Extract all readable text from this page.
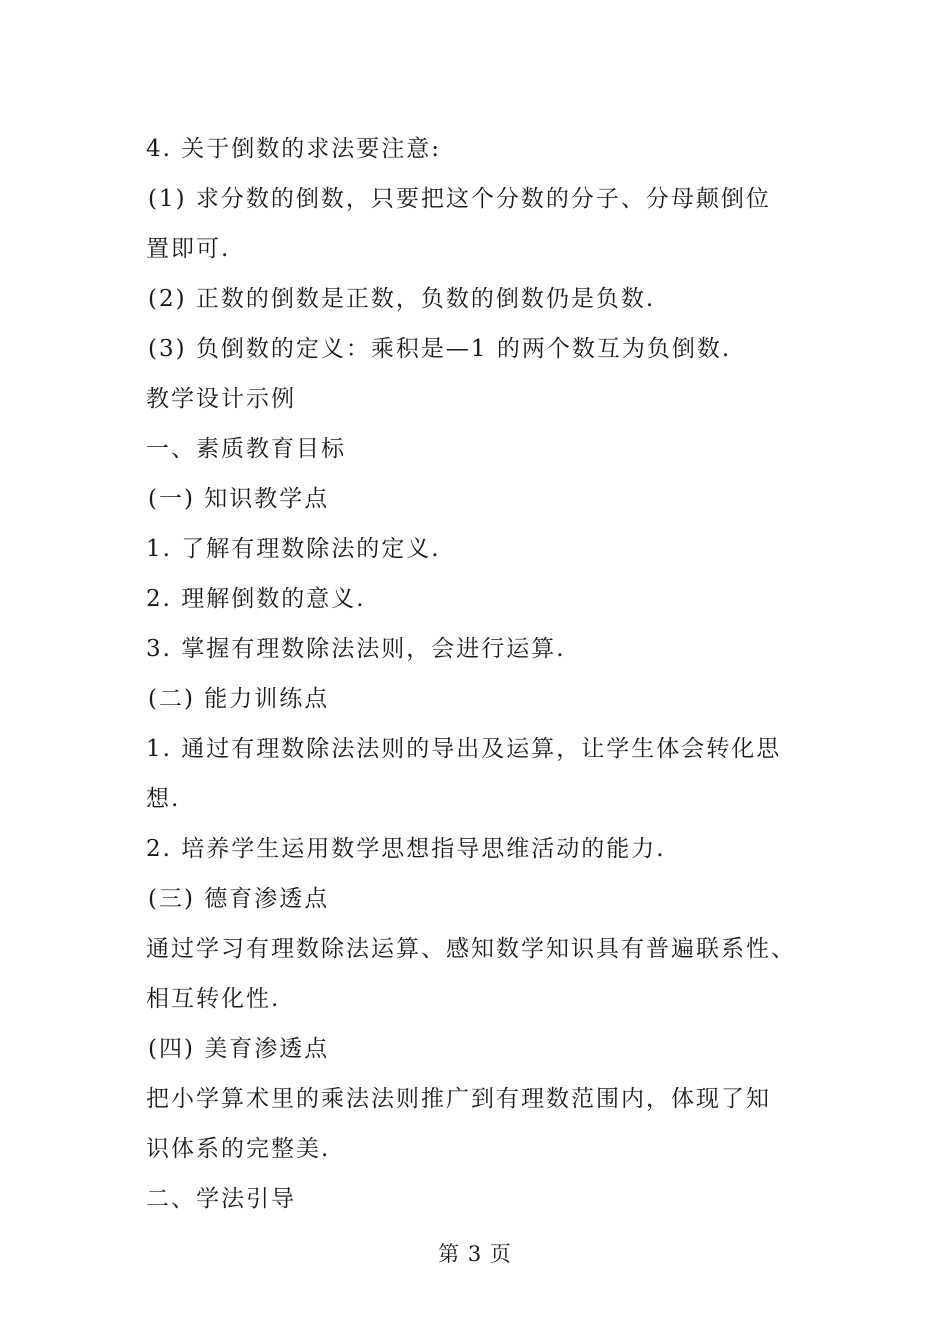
4. 关于倒数的求法要注意:
(1) 求分数的倒数，只要把这个分数的分子、分母颠倒位
置即可.
(2) 正数的倒数是正数，负数的倒数仍是负数.
(3) 负倒数的定义：乘积是—1 的两个数互为负倒数.
教学设计示例
一、素质教育目标
(一) 知识教学点
1. 了解有理数除法的定义.
2. 理解倒数的意义.
3. 掌握有理数除法法则，会进行运算.
(二) 能力训练点
1. 通过有理数除法法则的导出及运算，让学生体会转化思
想.
2. 培养学生运用数学思想指导思维活动的能力.
(三) 德育渗透点
通过学习有理数除法运算、感知数学知识具有普遍联系性、
相互转化性.
(四) 美育渗透点
把小学算术里的乘法法则推广到有理数范围内，体现了知
识体系的完整美.
二、学法引导
第 3 页
